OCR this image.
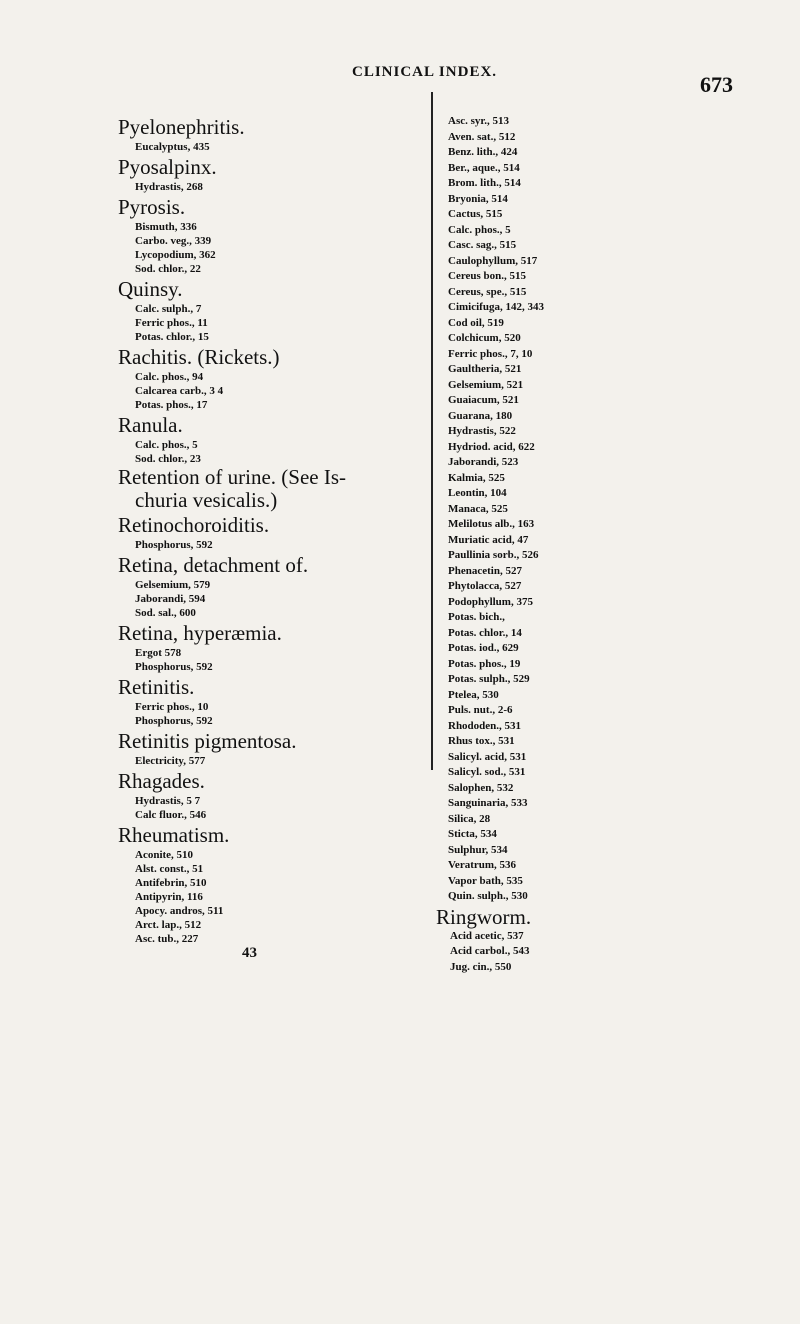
CLINICAL INDEX.	673
Pyelonephritis.
Eucalyptus, 435
Pyosalpinx.
Hydrastis, 268
Pyrosis.
Bismuth, 336
Carbo. veg., 339
Lycopodium, 362
Sod. chlor., 22
Quinsy.
Calc. sulph., 7
Ferric phos., 11
Potas. chlor., 15
Rachitis. (Rickets.)
Calc. phos., 94
Calcarea carb., 3 4
Potas. phos., 17
Ranula.
Calc. phos., 5
Sod. chlor., 23
Retention of urine. (See Is-
churia vesicalis.)
Retinochoroiditis.
Phosphorus, 592
Retina, detachment of.
Gelsemium, 579
Jaborandi, 594
Sod. sal., 600
Retina, hyperæmia.
Ergot 578
Phosphorus, 592
Retinitis.
Ferric phos., 10
Phosphorus, 592
Retinitis pigmentosa.
Electricity, 577
Rhagades.
Hydrastis, 5 7
Calc fluor., 546
Rheumatism.
Aconite, 510
Alst. const., 51
Antifebrin, 510
Antipyrin, 116
Apocy. andros, 511
Arct. lap., 512
Asc. tub., 227
43
Asc. syr., 513
Aven. sat., 512
Benz. lith., 424
Ber., aque., 514
Brom. lith., 514
Bryonia, 514
Cactus, 515
Calc. phos., 5
Casc. sag., 515
Caulophyllum, 517
Cereus bon., 515
Cereus, spe., 515
Cimicifuga, 142, 343
Cod oil, 519
Colchicum, 520
Ferric phos., 7, 10
Gaultheria, 521
Gelsemium, 521
Guaiacum, 521
Guarana, 180
Hydrastis, 522
Hydriod. acid, 622
Jaborandi, 523
Kalmia, 525
Leontin, 104
Manaca, 525
Melilotus alb., 163
Muriatic acid, 47
Paullinia sorb., 526
Phenacetin, 527
Phytolacca, 527
Podophyllum, 375
Potas. bich.,
Potas. chlor., 14
Potas. iod., 629
Potas. phos., 19
Potas. sulph., 529
Ptelea, 530
Puls. nut., 2-6
Rhododen., 531
Rhus tox., 531
Salicyl. acid, 531
Salicyl. sod., 531
Salophen, 532
Sanguinaria, 533
Silica, 28
Sticta, 534
Sulphur, 534
Veratrum, 536
Vapor bath, 535
Quin. sulph., 530
Ringworm.
Acid acetic, 537
Acid carbol., 543
Jug. cin., 550
